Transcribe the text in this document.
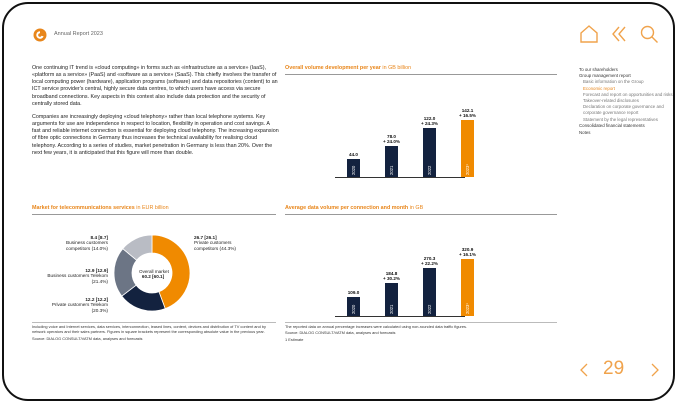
Annual Report 2023

One continuing IT trend is «cloud computing» in forms such as «infrastructure as a service» (IaaS), «platform as a service» (PaaS) and «software as a service» (SaaS). This chiefly involves the transfer of local computing power (hardware), application programs (software) and data repositories (content) to an ICT service provider's central, highly secure data centres, to which users have access via secure broadband connections. Key aspects in this context also include data protection and the security of centrally stored data.

Companies are increasingly deploying «cloud telephony» rather than local telephone systems. Key arguments for use are independence in respect to location, flexibility in operation and cost savings. A fast and reliable internet connection is essential for deploying cloud telephony. The increasing expansion of fibre optic connections in Germany thus increases the technical availability for realising cloud telephony. According to a series of studies, market penetration in Germany is less than 20%. Over the next few years, it is anticipated that this figure will more than double.

To our shareholders
Group management report
Basic information on the Group
Economic report
Forecast and report on opportunities and risks
Takeover-related disclosures
Declaration on corporate governance and corporate governance report
Statement by the legal representatives
Consolidated financial statements
Notes
Overall volume development per year in GB billion
2020
44.0
2021
78.0
+ 24.0%
2022
122.0
+ 24.3%
2023¹
142.1
+ 16.5%
Market for telecommunications services in EUR billion
Overall market
60.2 [60.1]
26.7 [26.1]
Private customers competitors (44.3%)
8.4 [8.7]
Business customers competitors (14.0%)
12.9 [12.9]
Business customers Telekom (21.4%)
12.2 [12.2]
Private customers Telekom (20.3%)
Including voice and Internet services, data services, interconnection, leased lines, content, devices and distribution of TV content and by network operators and their sales partners. Figures in square brackets represent the corresponding absolute value in the previous year.
Source: DIALOG CONSULT/VATM data, analyses and forecasts
Average data volume per connection and month in GB
2020
109.0
2021
184.8
+ 30.2%
2022
270.3
+ 22.2%
2023¹
320.9
+ 16.1%
The reported data on annual percentage increases were calculated using non-rounded data traffic figures.
Source: DIALOG CONSULT/VATM data, analyses and forecasts
1 Estimate
29
